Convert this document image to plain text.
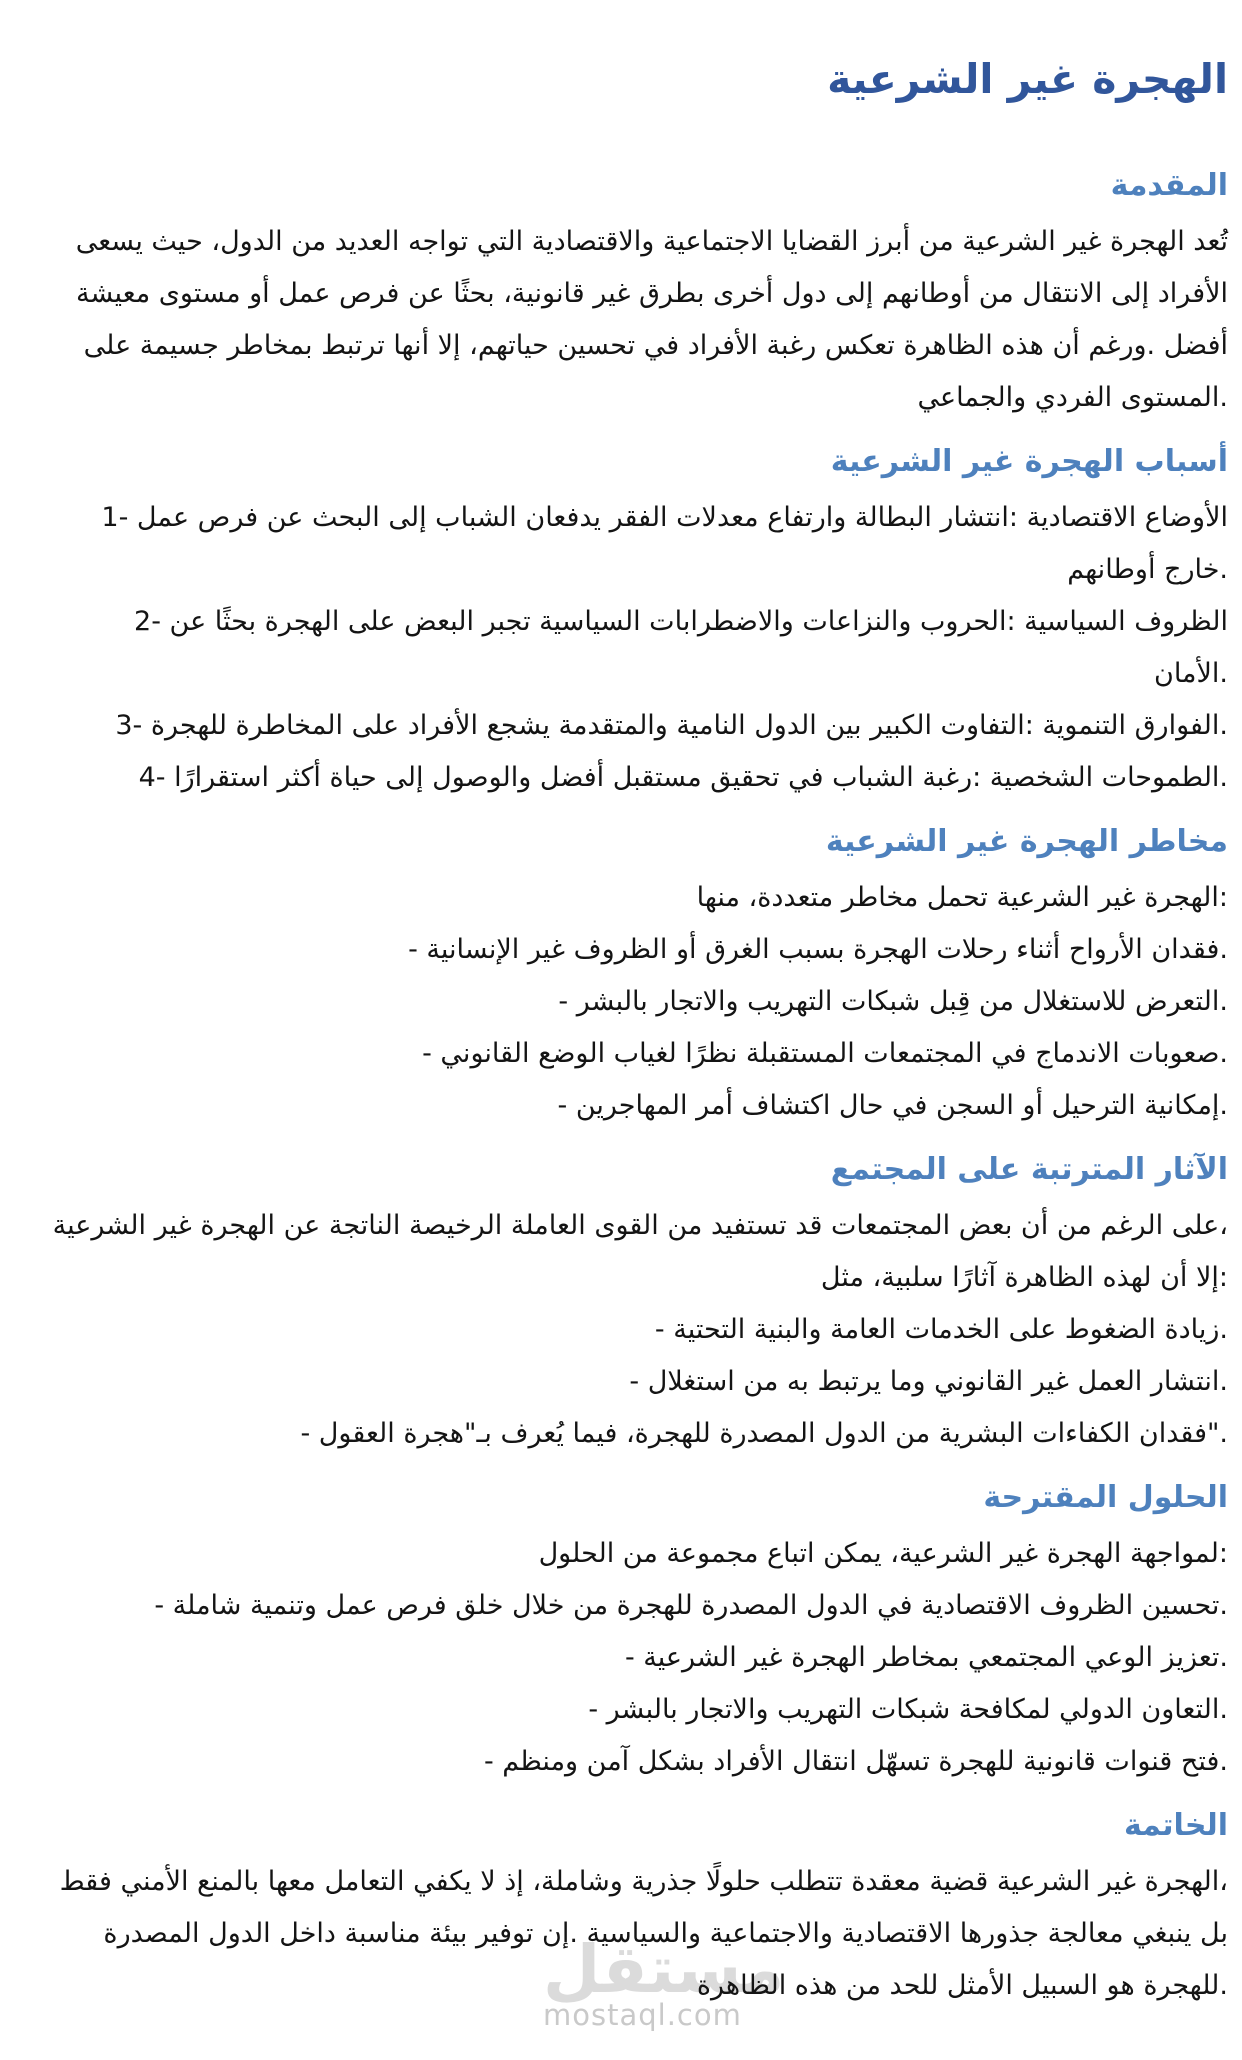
مستقل
mostaql.com
الهجرة غير الشرعية
المقدمة
تُعد الهجرة غير الشرعية من أبرز القضايا الاجتماعية والاقتصادية التي تواجه العديد من الدول، حيث يسعى
الأفراد إلى الانتقال من أوطانهم إلى دول أخرى بطرق غير قانونية، بحثًا عن فرص عمل أو مستوى معيشة
أفضل .ورغم أن هذه الظاهرة تعكس رغبة الأفراد في تحسين حياتهم، إلا أنها ترتبط بمخاطر جسيمة على
.المستوى الفردي والجماعي
أسباب الهجرة غير الشرعية
الأوضاع الاقتصادية :انتشار البطالة وارتفاع معدلات الفقر يدفعان الشباب إلى البحث عن فرص عمل -1
.خارج أوطانهم
الظروف السياسية :الحروب والنزاعات والاضطرابات السياسية تجبر البعض على الهجرة بحثًا عن -2
.الأمان
.الفوارق التنموية :التفاوت الكبير بين الدول النامية والمتقدمة يشجع الأفراد على المخاطرة للهجرة -3
.الطموحات الشخصية :رغبة الشباب في تحقيق مستقبل أفضل والوصول إلى حياة أكثر استقرارًا -4
مخاطر الهجرة غير الشرعية
:الهجرة غير الشرعية تحمل مخاطر متعددة، منها
.فقدان الأرواح أثناء رحلات الهجرة بسبب الغرق أو الظروف غير الإنسانية -
.التعرض للاستغلال من قِبل شبكات التهريب والاتجار بالبشر -
.صعوبات الاندماج في المجتمعات المستقبلة نظرًا لغياب الوضع القانوني -
.إمكانية الترحيل أو السجن في حال اكتشاف أمر المهاجرين -
الآثار المترتبة على المجتمع
،على الرغم من أن بعض المجتمعات قد تستفيد من القوى العاملة الرخيصة الناتجة عن الهجرة غير الشرعية
:إلا أن لهذه الظاهرة آثارًا سلبية، مثل
.زيادة الضغوط على الخدمات العامة والبنية التحتية -
.انتشار العمل غير القانوني وما يرتبط به من استغلال -
."فقدان الكفاءات البشرية من الدول المصدرة للهجرة، فيما يُعرف بـ"هجرة العقول -
الحلول المقترحة
:لمواجهة الهجرة غير الشرعية، يمكن اتباع مجموعة من الحلول
.تحسين الظروف الاقتصادية في الدول المصدرة للهجرة من خلال خلق فرص عمل وتنمية شاملة -
.تعزيز الوعي المجتمعي بمخاطر الهجرة غير الشرعية -
.التعاون الدولي لمكافحة شبكات التهريب والاتجار بالبشر -
.فتح قنوات قانونية للهجرة تسهّل انتقال الأفراد بشكل آمن ومنظم -
الخاتمة
،الهجرة غير الشرعية قضية معقدة تتطلب حلولًا جذرية وشاملة، إذ لا يكفي التعامل معها بالمنع الأمني فقط
بل ينبغي معالجة جذورها الاقتصادية والاجتماعية والسياسية .إن توفير بيئة مناسبة داخل الدول المصدرة
.للهجرة هو السبيل الأمثل للحد من هذه الظاهرة
